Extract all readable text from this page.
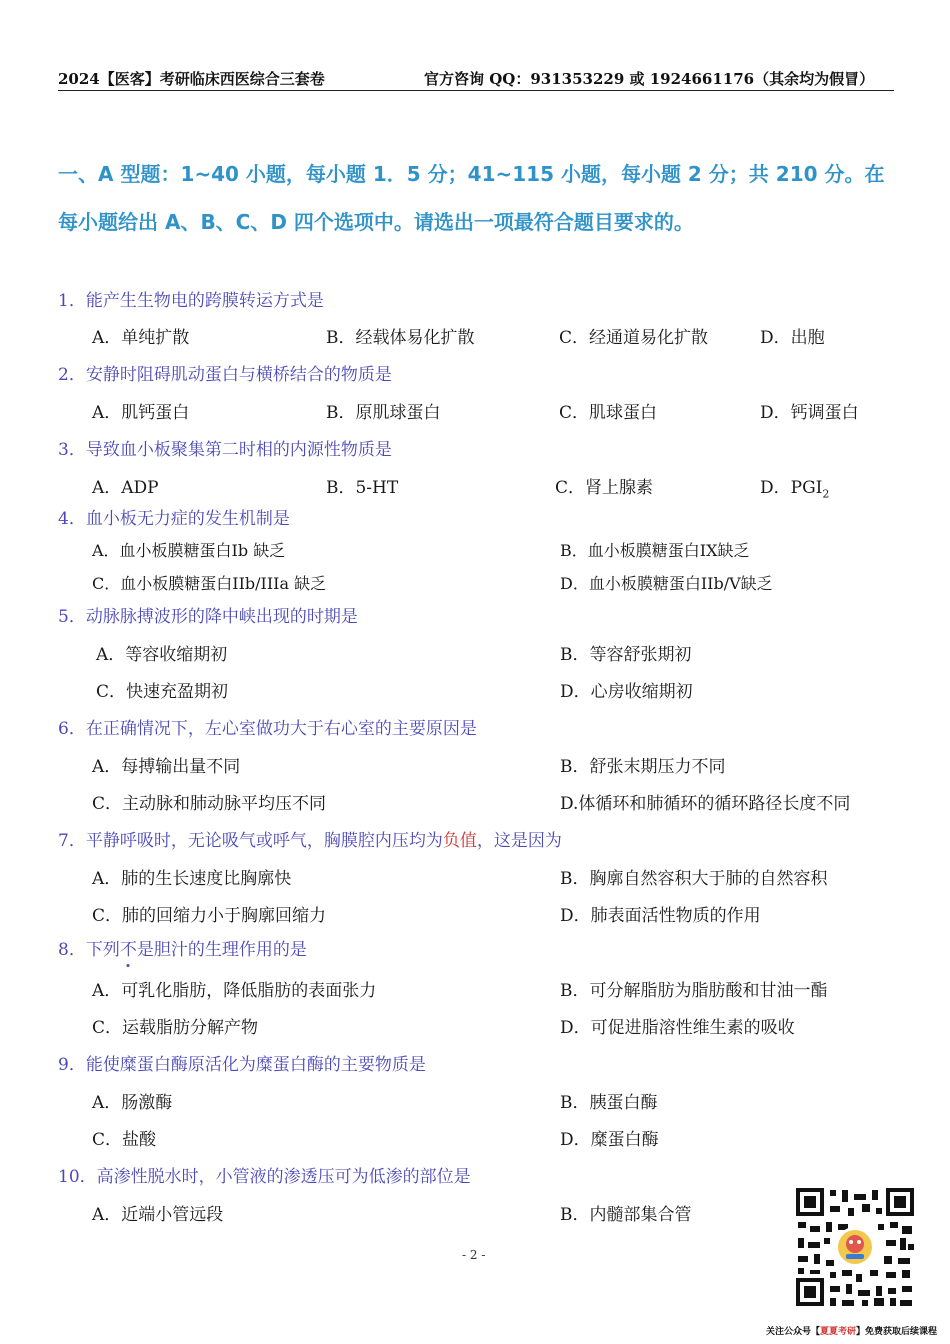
2024【医客】考研临床西医综合三套卷	官方咨询 QQ：931353229 或 1924661176（其余均为假冒）
一、A 型题：1~40 小题，每小题 1．5 分；41~115 小题，每小题 2 分；共 210 分。在
每小题给出 A、B、C、D 四个选项中。请选出一项最符合题目要求的。
1．能产生生物电的跨膜转运方式是
A．单纯扩散	B．经载体易化扩散	C．经通道易化扩散	D．出胞
2．安静时阻碍肌动蛋白与横桥结合的物质是
A．肌钙蛋白	B．原肌球蛋白	C．肌球蛋白	D．钙调蛋白
3．导致血小板聚集第二时相的内源性物质是
A．ADP	B．5-HT	C．肾上腺素	D．$PGI_2$
4．血小板无力症的发生机制是
A．血小板膜糖蛋白Ib 缺乏	B．血小板膜糖蛋白IX缺乏
C．血小板膜糖蛋白IIb/IIIa 缺乏	D．血小板膜糖蛋白IIb/V缺乏
5．动脉脉搏波形的降中峡出现的时期是
A．等容收缩期初	B．等容舒张期初
C．快速充盈期初	D．心房收缩期初
6．在正确情况下，左心室做功大于右心室的主要原因是
A．每搏输出量不同	B．舒张末期压力不同
C．主动脉和肺动脉平均压不同	D.体循环和肺循环的循环路径长度不同
7．平静呼吸时，无论吸气或呼气，胸膜腔内压均为负值，这是因为
A．肺的生长速度比胸廓快	B．胸廓自然容积大于肺的自然容积
C．肺的回缩力小于胸廓回缩力	D．肺表面活性物质的作用
8．下列不是胆汁的生理作用的是
A．可乳化脂肪，降低脂肪的表面张力	B．可分解脂肪为脂肪酸和甘油一酯
C．运载脂肪分解产物	D．可促进脂溶性维生素的吸收
9．能使糜蛋白酶原活化为糜蛋白酶的主要物质是
A．肠激酶	B．胰蛋白酶
C．盐酸	D．糜蛋白酶
10．高渗性脱水时，小管液的渗透压可为低渗的部位是
A．近端小管远段	B．内髓部集合管
- 2 -
关注公众号【夏夏考研】免费获取后续课程
